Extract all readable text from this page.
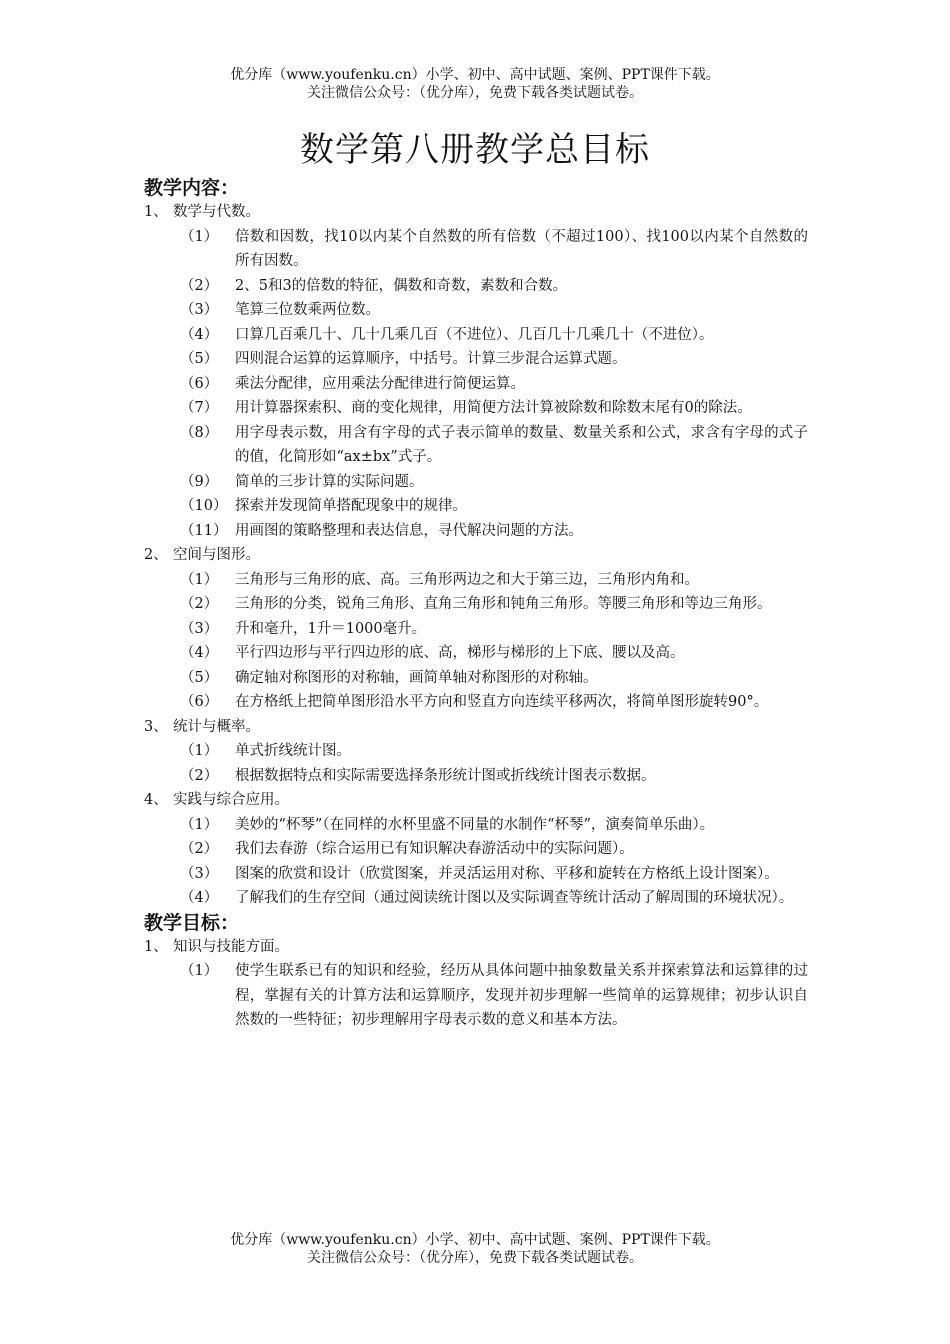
优分库（www.youfenku.cn）小学、初中、高中试题、案例、PPT课件下载。
关注微信公众号：（优分库），免费下载各类试题试卷。
数学第八册教学总目标
教学内容：
1、 数学与代数。
（1）	倍数和因数，找10以内某个自然数的所有倍数（不超过100）、找100以内某个自然数的所有因数。
（2）	2、5和3的倍数的特征，偶数和奇数，素数和合数。
（3）	笔算三位数乘两位数。
（4）	口算几百乘几十、几十几乘几百（不进位）、几百几十几乘几十（不进位）。
（5）	四则混合运算的运算顺序，中括号。计算三步混合运算式题。
（6）	乘法分配律，应用乘法分配律进行简便运算。
（7）	用计算器探索积、商的变化规律，用简便方法计算被除数和除数末尾有0的除法。
（8）	用字母表示数，用含有字母的式子表示简单的数量、数量关系和公式，求含有字母的式子的值，化简形如“ax±bx”式子。
（9）	简单的三步计算的实际问题。
（10） 探索并发现简单搭配现象中的规律。
（11） 用画图的策略整理和表达信息，寻代解决问题的方法。
2、 空间与图形。
（1）	三角形与三角形的底、高。三角形两边之和大于第三边，三角形内角和。
（2）	三角形的分类，锐角三角形、直角三角形和钝角三角形。等腰三角形和等边三角形。
（3）	升和毫升，1升＝1000毫升。
（4）	平行四边形与平行四边形的底、高，梯形与梯形的上下底、腰以及高。
（5）	确定轴对称图形的对称轴，画简单轴对称图形的对称轴。
（6）	在方格纸上把简单图形沿水平方向和竖直方向连续平移两次，将简单图形旋转90°。
3、 统计与概率。
（1）	单式折线统计图。
（2）	根据数据特点和实际需要选择条形统计图或折线统计图表示数据。
4、 实践与综合应用。
（1）	美妙的“杯琴”（在同样的水杯里盛不同量的水制作“杯琴”，演奏简单乐曲）。
（2）	我们去春游（综合运用已有知识解决春游活动中的实际问题）。
（3）	图案的欣赏和设计（欣赏图案，并灵活运用对称、平移和旋转在方格纸上设计图案）。
（4）	了解我们的生存空间（通过阅读统计图以及实际调查等统计活动了解周围的环境状况）。
教学目标：
1、 知识与技能方面。
（1）	使学生联系已有的知识和经验，经历从具体问题中抽象数量关系并探索算法和运算律的过程，掌握有关的计算方法和运算顺序，发现并初步理解一些简单的运算规律；初步认识自然数的一些特征；初步理解用字母表示数的意义和基本方法。
优分库（www.youfenku.cn）小学、初中、高中试题、案例、PPT课件下载。
关注微信公众号：（优分库），免费下载各类试题试卷。
